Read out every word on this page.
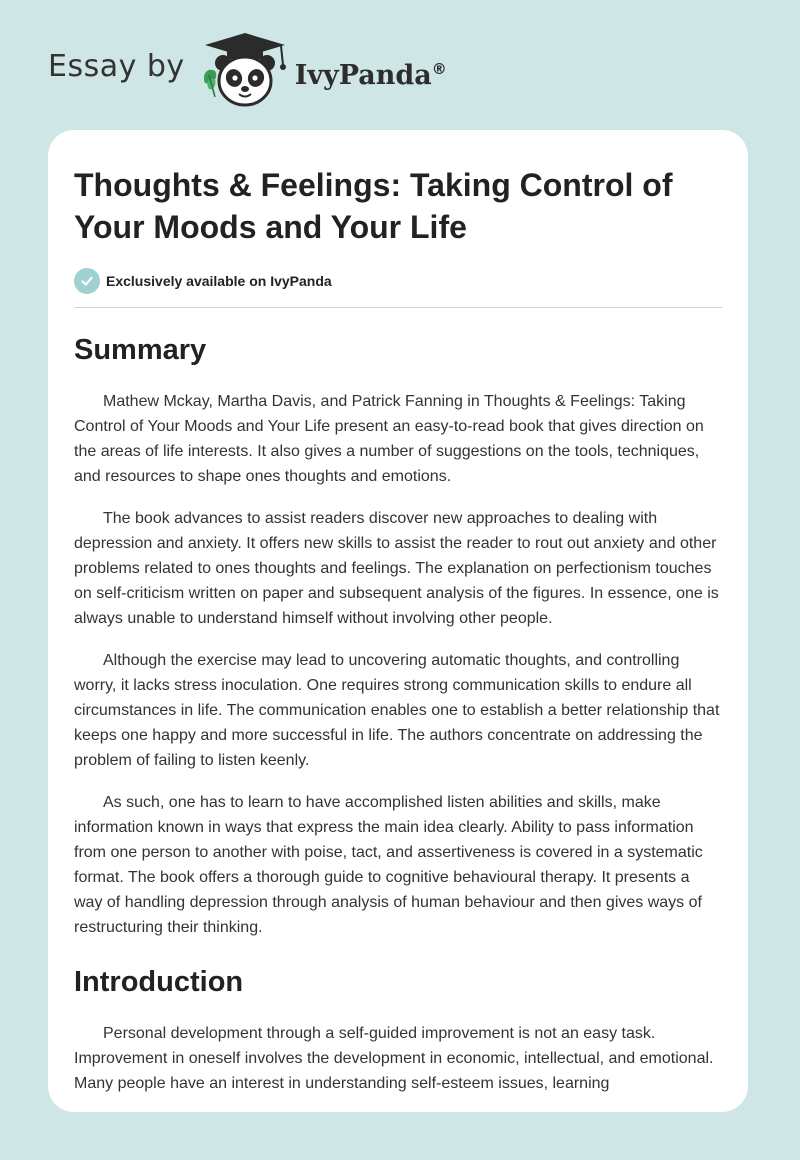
Essay by	IvyPanda®
Thoughts & Feelings: Taking Control of Your Moods and Your Life
Exclusively available on IvyPanda
Summary

Mathew Mckay, Martha Davis, and Patrick Fanning in Thoughts & Feelings: Taking Control of Your Moods and Your Life present an easy-to-read book that gives direction on the areas of life interests. It also gives a number of suggestions on the tools, techniques, and resources to shape ones thoughts and emotions.

The book advances to assist readers discover new approaches to dealing with depression and anxiety. It offers new skills to assist the reader to rout out anxiety and other problems related to ones thoughts and feelings. The explanation on perfectionism touches on self-criticism written on paper and subsequent analysis of the figures. In essence, one is always unable to understand himself without involving other people.

Although the exercise may lead to uncovering automatic thoughts, and controlling worry, it lacks stress inoculation. One requires strong communication skills to endure all circumstances in life. The communication enables one to establish a better relationship that keeps one happy and more successful in life. The authors concentrate on addressing the problem of failing to listen keenly.

As such, one has to learn to have accomplished listen abilities and skills, make information known in ways that express the main idea clearly. Ability to pass information from one person to another with poise, tact, and assertiveness is covered in a systematic format. The book offers a thorough guide to cognitive behavioural therapy. It presents a way of handling depression through analysis of human behaviour and then gives ways of restructuring their thinking.

Introduction

Personal development through a self-guided improvement is not an easy task. Improvement in oneself involves the development in economic, intellectual, and emotional. Many people have an interest in understanding self-esteem issues, learning
